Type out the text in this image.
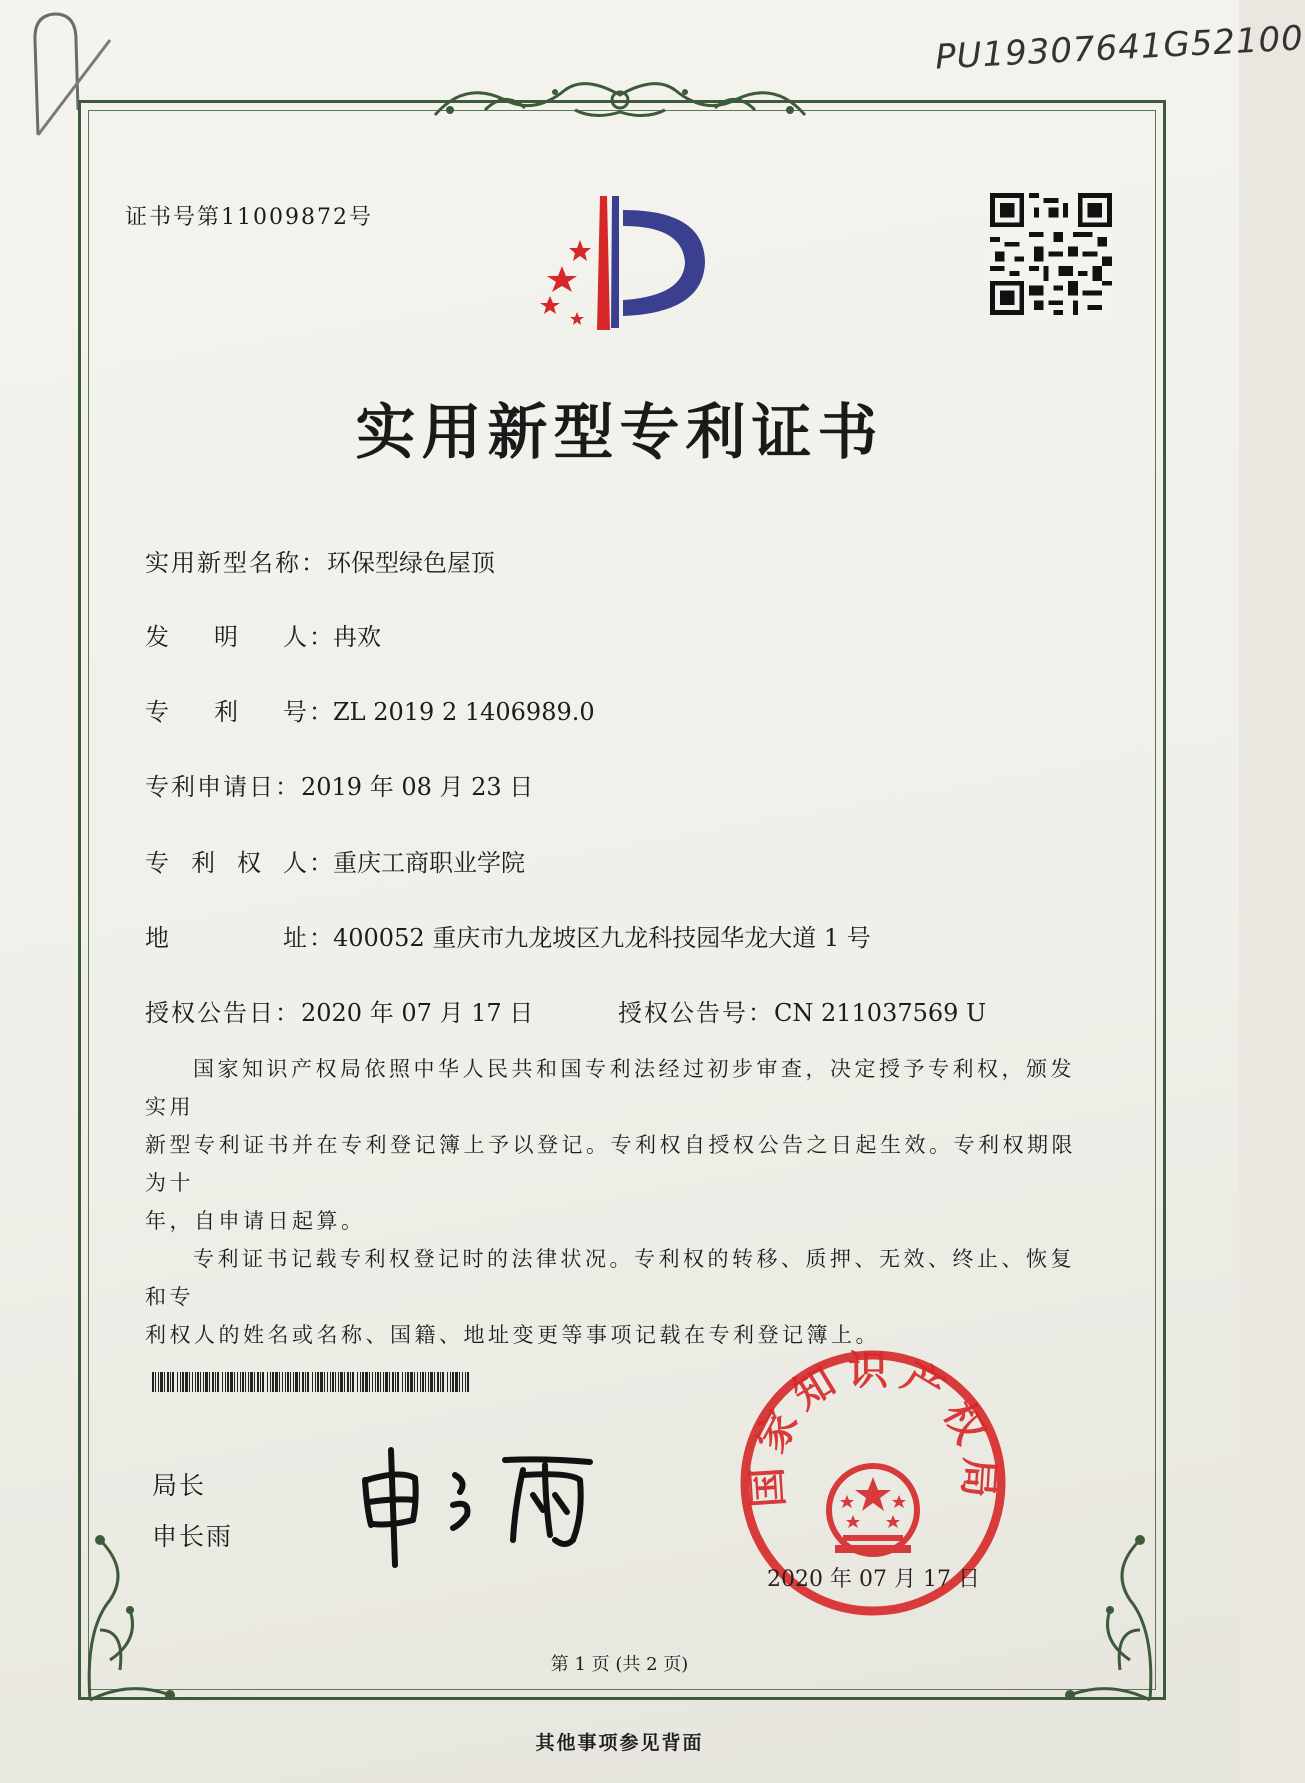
PU19307641G52100
证书号第11009872号
实用新型专利证书
实用新型名称： 环保型绿色屋顶
发 明 人 ： 冉欢
专 利 号 ： ZL 2019 2 1406989.0
专利申请日： 2019 年 08 月 23 日
专 利 权 人 ： 重庆工商职业学院
地	址 ： 400052 重庆市九龙坡区九龙科技园华龙大道 1 号
授权公告日： 2020 年 07 月 17 日	授权公告号： CN 211037569 U

国家知识产权局依照中华人民共和国专利法经过初步审查，决定授予专利权，颁发实用

新型专利证书并在专利登记簿上予以登记。专利权自授权公告之日起生效。专利权期限为十

年，自申请日起算。

专利证书记载专利权登记时的法律状况。专利权的转移、质押、无效、终止、恢复和专

利权人的姓名或名称、国籍、地址变更等事项记载在专利登记簿上。

局长
申长雨
国家知识产权局
2020 年 07 月 17 日
第 1 页 (共 2 页)
其他事项参见背面
